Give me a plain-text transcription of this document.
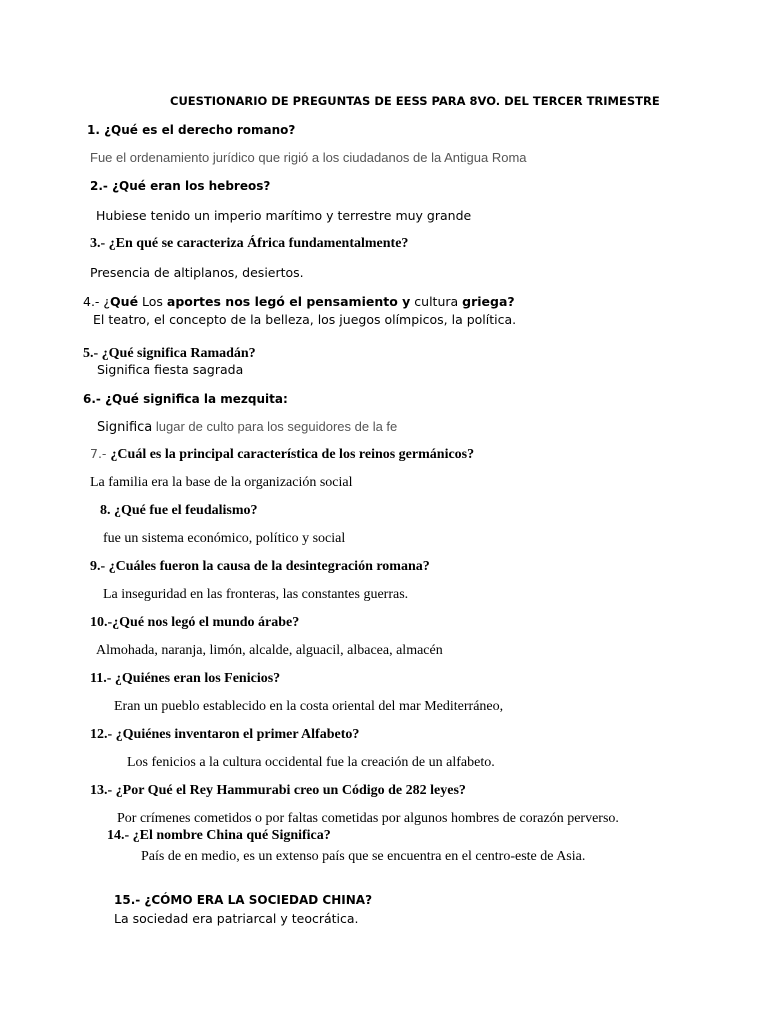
CUESTIONARIO DE PREGUNTAS DE EESS PARA 8VO. DEL TERCER TRIMESTRE
1. ¿Qué es el derecho romano?
Fue el ordenamiento jurídico que rigió a los ciudadanos de la Antigua Roma
2.- ¿Qué eran los hebreos?
Hubiese tenido un imperio marítimo y terrestre muy grande
3.- ¿En qué se caracteriza África fundamentalmente?
Presencia de altiplanos, desiertos.
4.- ¿Qué Los aportes nos legó el pensamiento y cultura griega?
El teatro, el concepto de la belleza, los juegos olímpicos, la política.
5.- ¿Qué significa Ramadán?
Significa fiesta sagrada
6.- ¿Qué significa la mezquita:
Significa lugar de culto para los seguidores de la fe
7.- ¿Cuál es la principal característica de los reinos germánicos?
La familia era la base de la organización social
8. ¿Qué fue el feudalismo?
fue un sistema económico, político y social
9.- ¿Cuáles fueron la causa de la desintegración romana?
La inseguridad en las fronteras, las constantes guerras.
10.-¿Qué nos legó el mundo árabe?
Almohada, naranja, limón, alcalde, alguacil, albacea, almacén
11.- ¿Quiénes eran los Fenicios?
Eran un pueblo establecido en la costa oriental del mar Mediterráneo,
12.- ¿Quiénes inventaron el primer Alfabeto?
Los fenicios a la cultura occidental fue la creación de un alfabeto.
13.- ¿Por Qué el Rey Hammurabi creo un Código de 282 leyes?
Por crímenes cometidos o por faltas cometidas por algunos hombres de corazón perverso.
14.- ¿El nombre China qué Significa?
País de en medio, es un extenso país que se encuentra en el centro-este de Asia.
15.- ¿CÓMO ERA LA SOCIEDAD CHINA?
La sociedad era patriarcal y teocrática.
